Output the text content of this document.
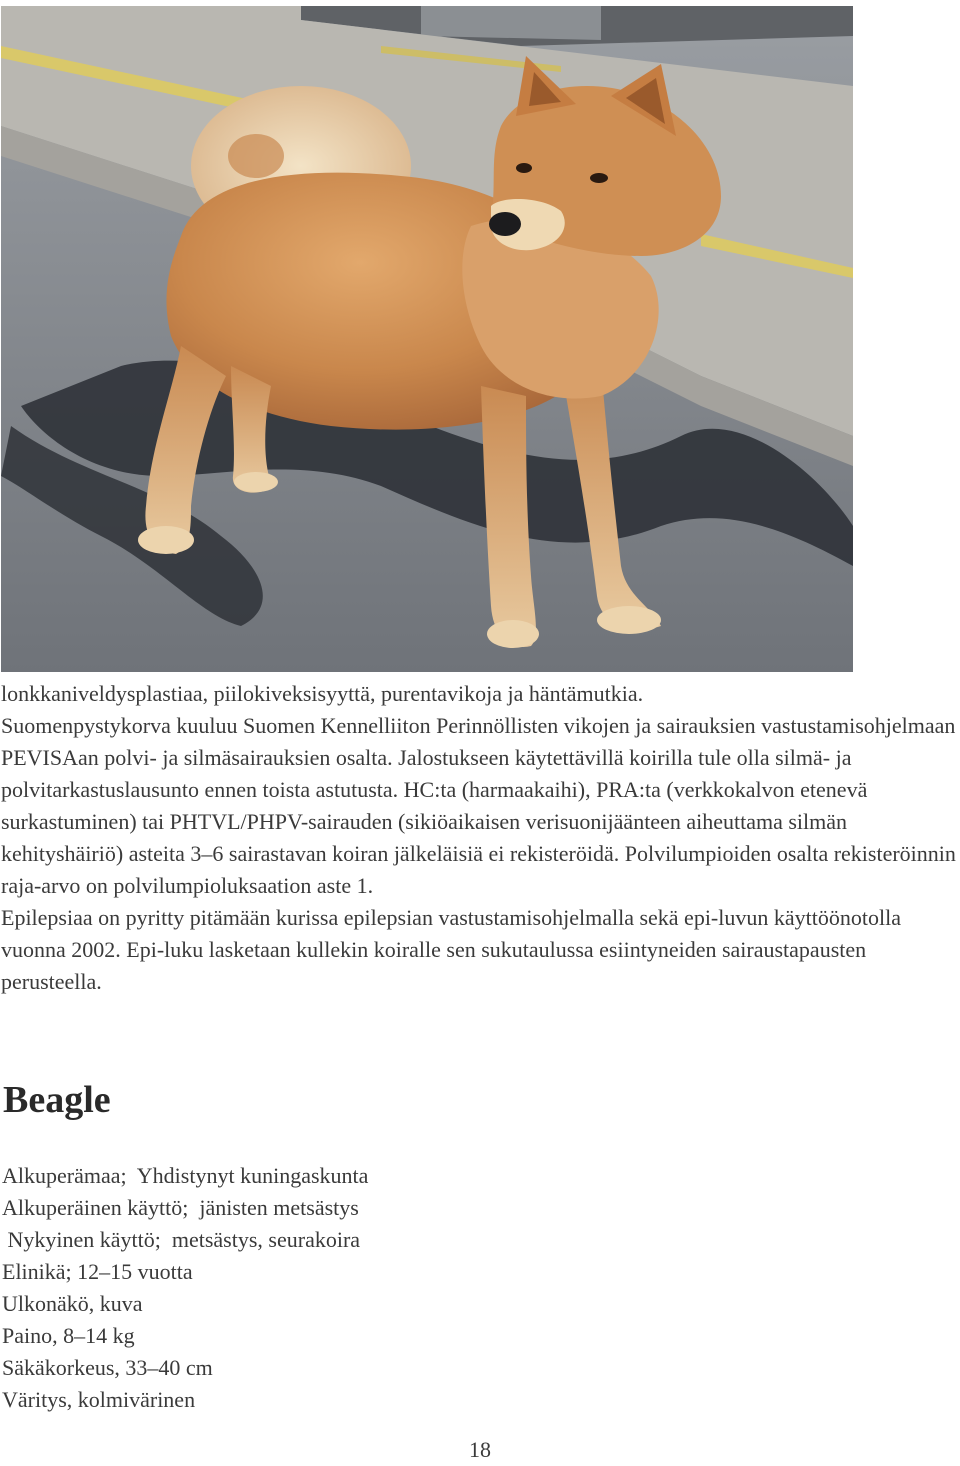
lonkkaniveldysplastiaa, piilokiveksisyyttä, purentavikoja ja häntämutkia.

Suomenpystykorva kuuluu Suomen Kennelliiton Perinnöllisten vikojen ja sairauksien vastustamisohjelmaan PEVISAan polvi- ja silmäsairauksien osalta. Jalostukseen käytettävillä koirilla tule olla silmä- ja polvitarkastuslausunto ennen toista astutusta. HC:ta (harmaakaihi), PRA:ta (verkkokalvon etenevä surkastuminen) tai PHTVL/PHPV-sairauden (sikiöaikaisen verisuonijäänteen aiheuttama silmän kehityshäiriö) asteita 3–6 sairastavan koiran jälkeläisiä ei rekisteröidä. Polvilumpioiden osalta rekisteröinnin raja-arvo on polvilumpioluksaation aste 1.

Epilepsiaa on pyritty pitämään kurissa epilepsian vastustamisohjelmalla sekä epi-luvun käyttöönotolla vuonna 2002. Epi-luku lasketaan kullekin koiralle sen sukutaulussa esiintyneiden sairaustapausten perusteella.

Beagle
Alkuperämaa;  Yhdistynyt kuningaskunta
Alkuperäinen käyttö;  jänisten metsästys
Nykyinen käyttö;  metsästys, seurakoira
Elinikä; 12–15 vuotta
Ulkonäkö, kuva
Paino, 8–14 kg
Säkäkorkeus, 33–40 cm
Väritys, kolmivärinen
18
